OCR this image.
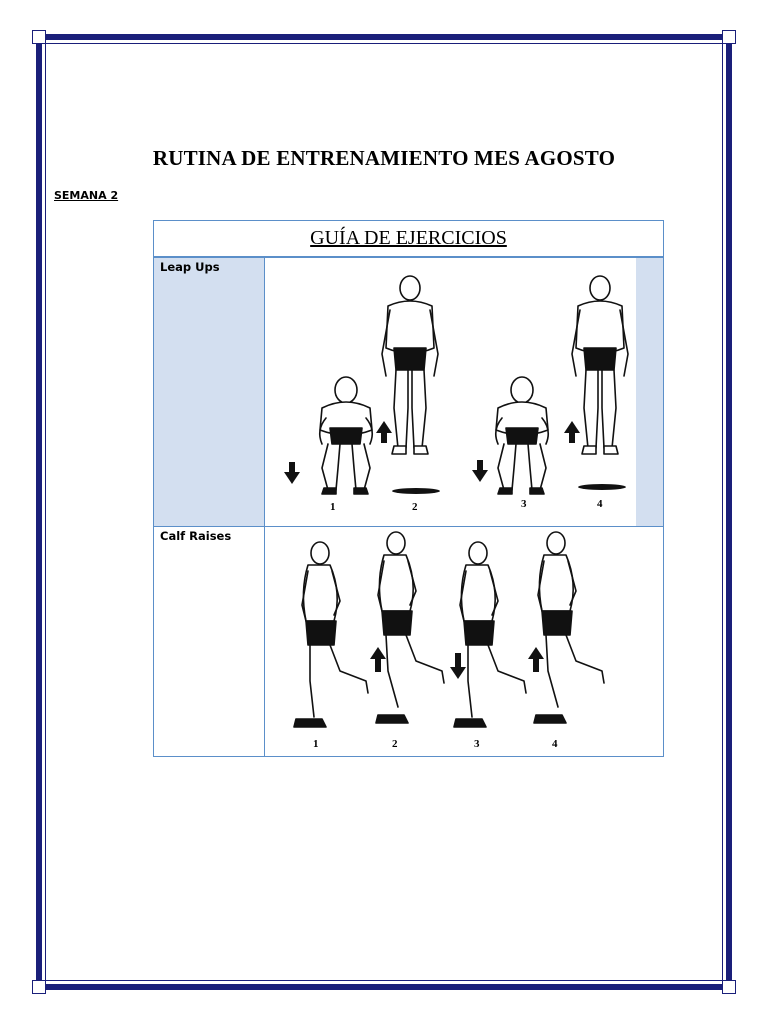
RUTINA DE ENTRENAMIENTO MES AGOSTO
SEMANA 2
GUÍA DE EJERCICIOS
Leap Ups
1	2	3	4
Calf Raises
1	2	3	4
